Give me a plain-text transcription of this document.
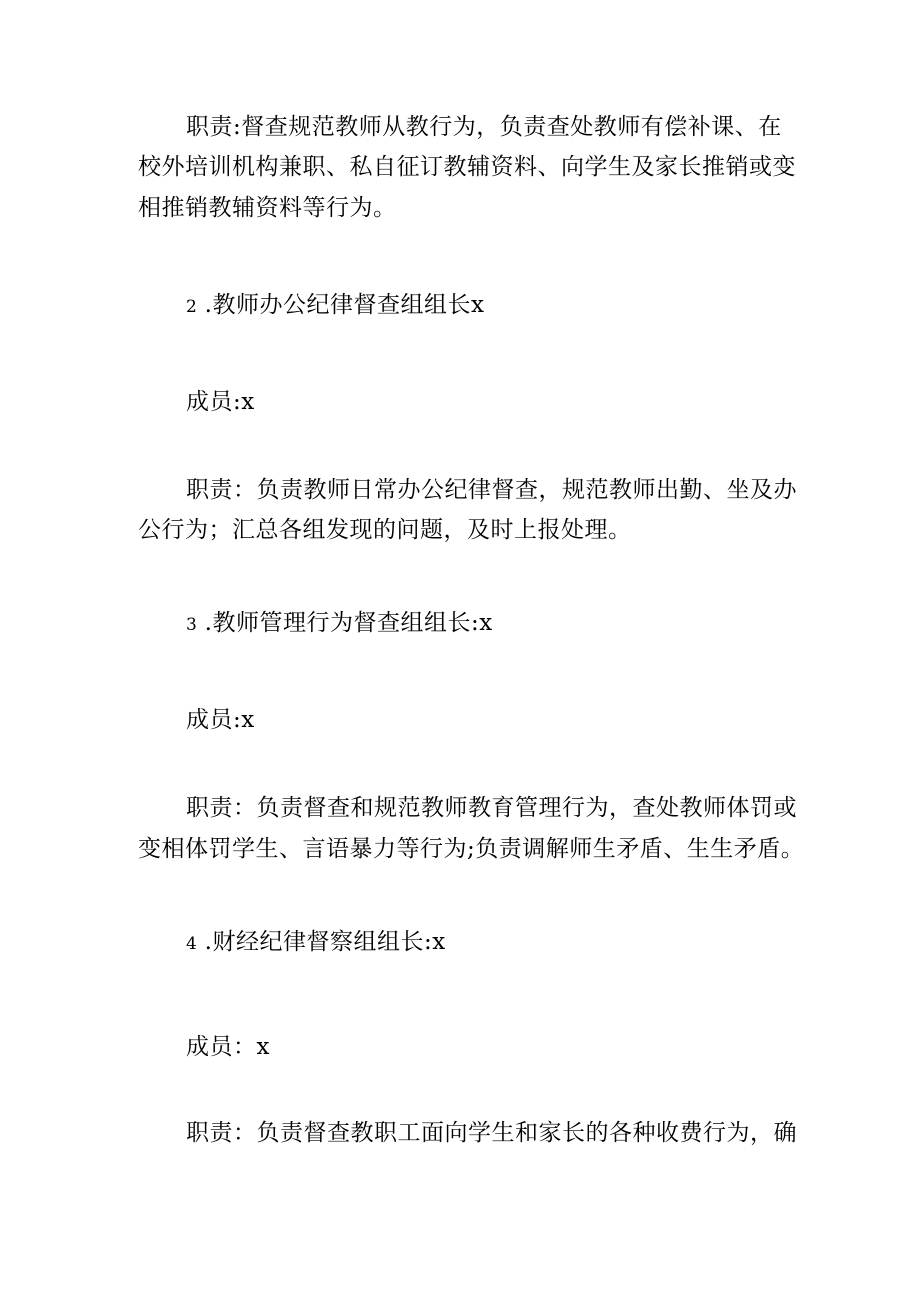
职责:督查规范教师从教行为，负责查处教师有偿补课、在
校外培训机构兼职、私自征订教辅资料、向学生及家长推销或变
相推销教辅资料等行为。
2 .教师办公纪律督查组组长x
成员:x
职责：负责教师日常办公纪律督查，规范教师出勤、坐及办
公行为；汇总各组发现的问题，及时上报处理。
3 .教师管理行为督查组组长:x
成员:x
职责：负责督查和规范教师教育管理行为，查处教师体罚或
变相体罚学生、言语暴力等行为;负责调解师生矛盾、生生矛盾。
4 .财经纪律督察组组长:x
成员：x
职责：负责督查教职工面向学生和家长的各种收费行为，确
